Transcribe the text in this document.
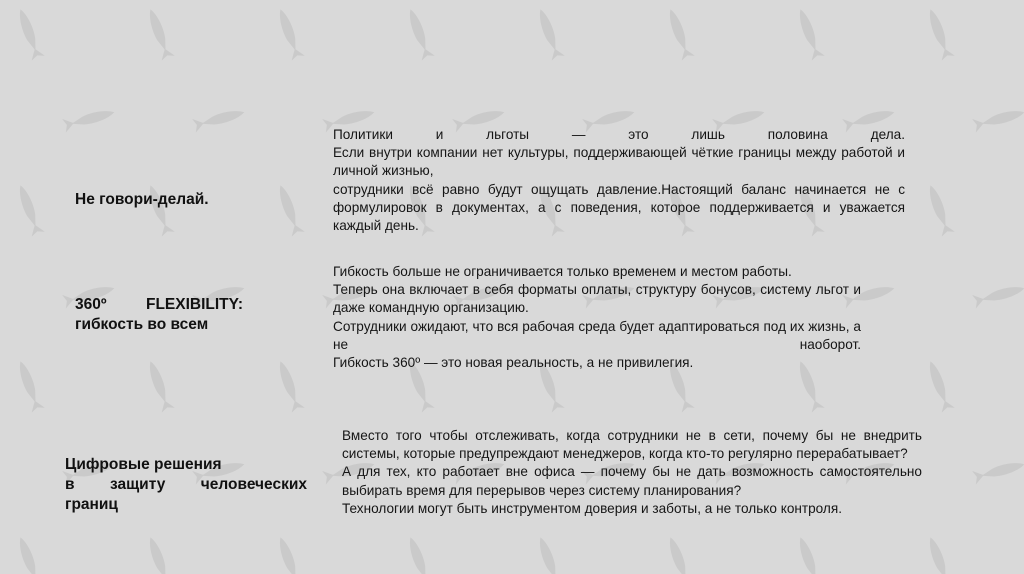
Не говори-делай.

Политики и льготы — это лишь половина дела.

Если внутри компании нет культуры, поддерживающей чёткие границы между работой и личной жизнью,

сотрудники всё равно будут ощущать давление.Настоящий баланс начинается не с формулировок в документах, а с поведения, которое поддерживается и уважается каждый день.

360º FLEXIBILITY:
гибкость во всем

Гибкость больше не ограничивается только временем и местом работы.

Теперь она включает в себя форматы оплаты, структуру бонусов, систему льгот и даже командную организацию.

Сотрудники ожидают, что вся рабочая среда будет адаптироваться под их жизнь, а не наоборот.

Гибкость 360º — это новая реальность, а не привилегия.

Цифровые решения
в защиту человеческих
границ

Вместо того чтобы отслеживать, когда сотрудники не в сети, почему бы не внедрить системы, которые предупреждают менеджеров, когда кто-то регулярно перерабатывает?

А для тех, кто работает вне офиса — почему бы не дать возможность самостоятельно выбирать время для перерывов через систему планирования?

Технологии могут быть инструментом доверия и заботы, а не только контроля.
